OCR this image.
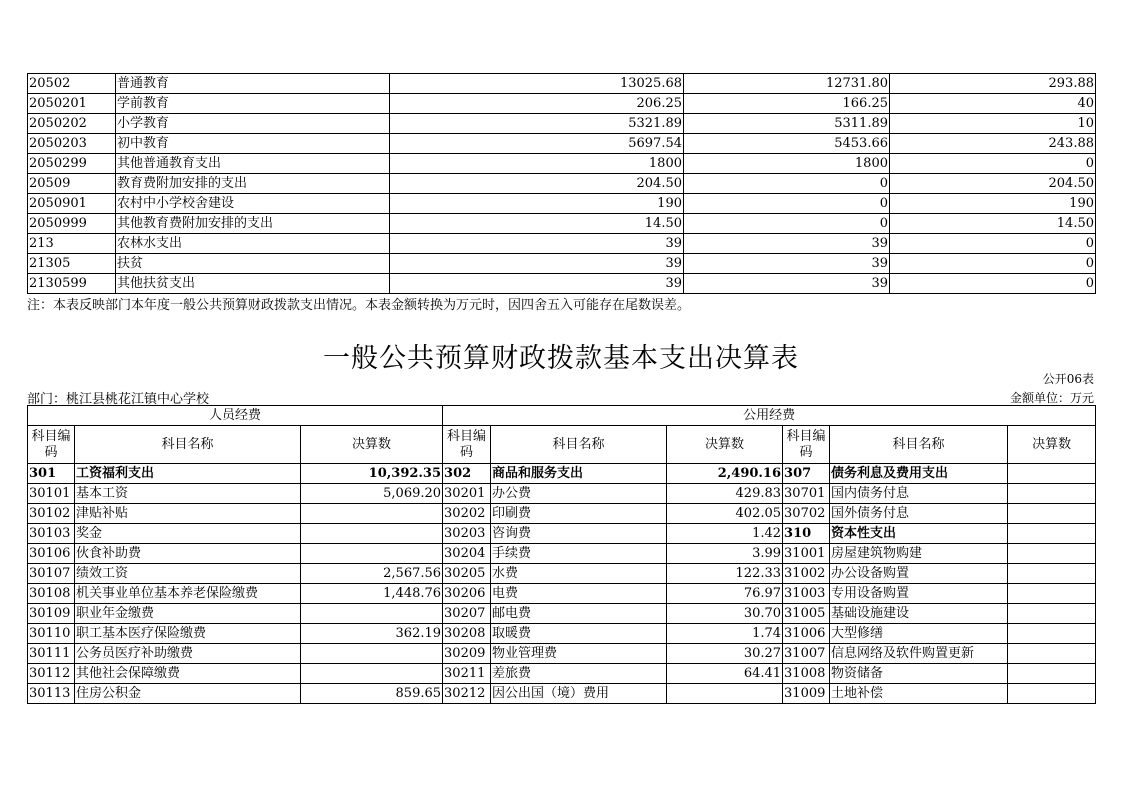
20502	普通教育	13025.68	12731.80	293.88
2050201	学前教育	206.25	166.25	40
2050202	小学教育	5321.89	5311.89	10
2050203	初中教育	5697.54	5453.66	243.88
2050299	其他普通教育支出	1800	1800	0
20509	教育费附加安排的支出	204.50	0	204.50
2050901	农村中小学校舍建设	190	0	190
2050999	其他教育费附加安排的支出	14.50	0	14.50
213	农林水支出	39	39	0
21305	扶贫	39	39	0
2130599	其他扶贫支出	39	39	0
注：本表反映部门本年度一般公共预算财政拨款支出情况。本表金额转换为万元时，因四舍五入可能存在尾数误差。
一般公共预算财政拨款基本支出决算表
公开06表
部门：桃江县桃花江镇中心学校	金额单位：万元
人员经费			公用经费					
科目编码	科目名称	决算数	科目编码	科目名称	决算数	科目编码	科目名称	决算数
301	工资福利支出	10,392.35	302	商品和服务支出	2,490.16	307	债务利息及费用支出	
30101	基本工资	5,069.20	30201	办公费	429.83	30701	国内债务付息	
30102	津贴补贴		30202	印刷费	402.05	30702	国外债务付息	
30103	奖金		30203	咨询费	1.42	310	资本性支出	
30106	伙食补助费		30204	手续费	3.99	31001	房屋建筑物购建	
30107	绩效工资	2,567.56	30205	水费	122.33	31002	办公设备购置	
30108	机关事业单位基本养老保险缴费	1,448.76	30206	电费	76.97	31003	专用设备购置	
30109	职业年金缴费		30207	邮电费	30.70	31005	基础设施建设	
30110	职工基本医疗保险缴费	362.19	30208	取暖费	1.74	31006	大型修缮	
30111	公务员医疗补助缴费		30209	物业管理费	30.27	31007	信息网络及软件购置更新	
30112	其他社会保障缴费		30211	差旅费	64.41	31008	物资储备	
30113	住房公积金	859.65	30212	因公出国（境）费用		31009	土地补偿	
